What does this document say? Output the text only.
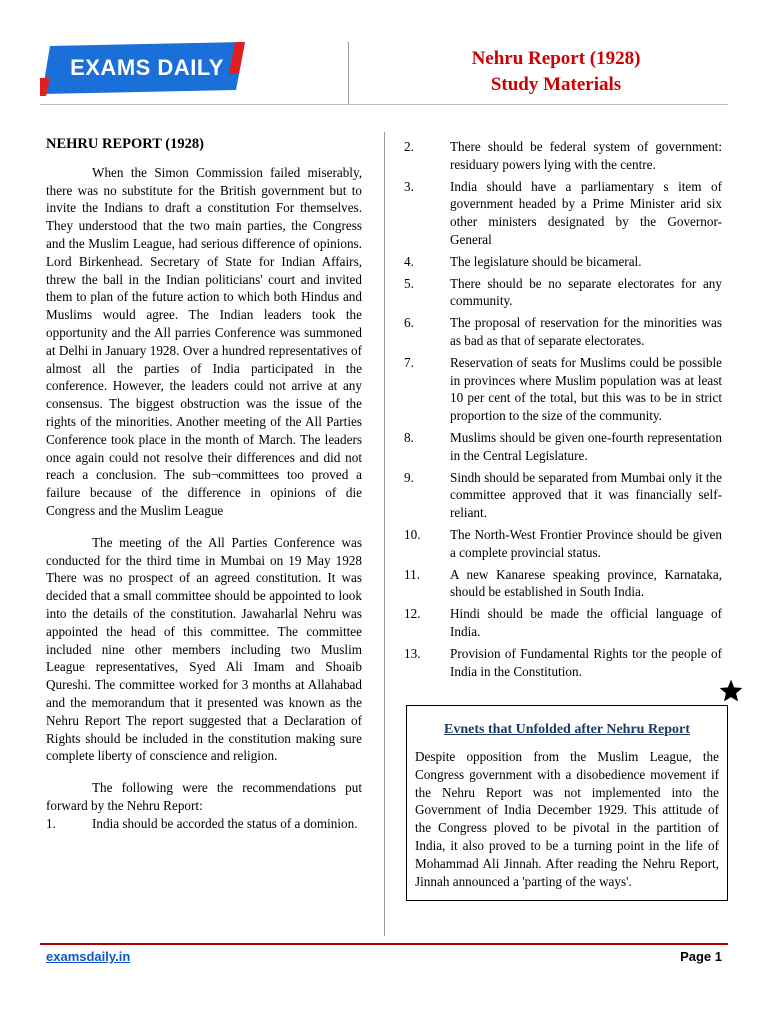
EXAMS DAILY	Nehru Report (1928)
Study Materials
NEHRU REPORT (1928)

When the Simon Commission failed miserably, there was no substitute for the British government but to invite the Indians to draft a constitution For themselves. They understood that the two main parties, the Congress and the Muslim League, had serious difference of opinions. Lord Birkenhead. Secretary of State for Indian Affairs, threw the ball in the Indian politicians' court and invited them to plan of the future action to which both Hindus and Muslims would agree. The Indian leaders took the opportunity and the All parries Conference was summoned at Delhi in January 1928. Over a hundred representatives of almost all the parties of India participated in the conference. However, the leaders could not arrive at any consensus. The biggest obstruction was the issue of the rights of the minorities. Another meeting of the All Parties Conference took place in the month of March. The leaders once again could not resolve their differences and did not reach a conclusion. The sub¬committees too proved a failure because of the difference in opinions of die Congress and the Muslim League

The meeting of the All Parties Conference was conducted for the third time in Mumbai on 19 May 1928 There was no prospect of an agreed constitution. It was decided that a small committee should be appointed to look into the details of the constitution. Jawaharlal Nehru was appointed the head of this committee. The committee included nine other members including two Muslim League representatives, Syed Ali Imam and Shoaib Qureshi. The committee worked for 3 months at Allahabad and the memorandum that it presented was known as the Nehru Report The report suggested that a Declaration of Rights should be included in the constitution making sure complete liberty of conscience and religion.

The following were the recommendations put forward by the Nehru Report:

1.	India should be accorded the status of a dominion.
2.	There should be federal system of government: residuary powers lying with the centre.
3.	India should have a parliamentary s item of government headed by a Prime Minister arid six other ministers designated by the Governor-General
4.	The legislature should be bicameral.
5.	There should be no separate electorates for any community.
6.	The proposal of reservation for the minorities was as bad as that of separate electorates.
7.	Reservation of seats for Muslims could be possible in provinces where Muslim population was at least 10 per cent of the total, but this was to be in strict proportion to the size of the community.
8.	Muslims should be given one-fourth representation in the Central Legislature.
9.	Sindh should be separated from Mumbai only it the committee approved that it was financially self-reliant.
10.	The North-West Frontier Province should be given a complete provincial status.
11.	A new Kanarese speaking province, Karnataka, should be established in South India.
12.	Hindi should be made the official language of India.
13.	Provision of Fundamental Rights tor the people of India in the Constitution.
Evnets that Unfolded after Nehru Report

Despite opposition from the Muslim League, the Congress government with a disobedience movement if the Nehru Report was not implemented into the Government of India December 1929. This attitude of the Congress ploved to be pivotal in the partition of India, it also proved to be a turning point in the life of Mohammad Ali Jinnah. After reading the Nehru Report, Jinnah announced a 'parting of the ways'.

examsdaily.in	Page 1
